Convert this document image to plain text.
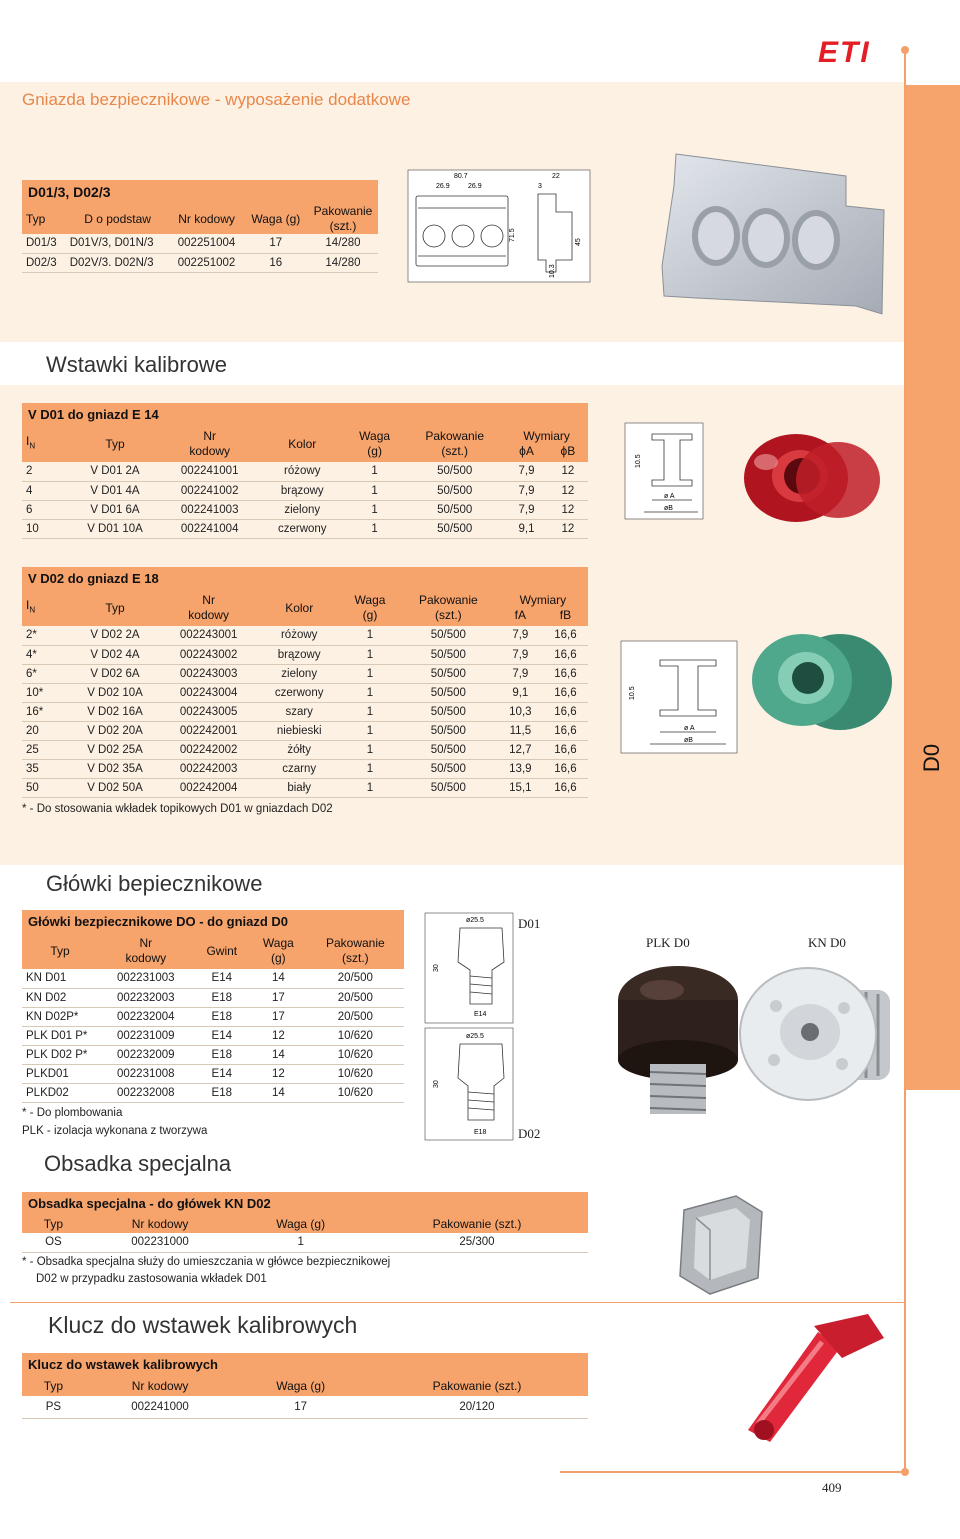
D0
ETI
Gniazda bezpiecznikowe - wyposażenie dodatkowe
D01/3, D02/3
Typ	D o podstaw	Nr kodowy	Waga (g)	Pakowanie (szt.)
D01/3	D01V/3, D01N/3	002251004	17	14/280
D02/3	D02V/3. D02N/3	002251002	16	14/280
80.7
26.9	26.9	3
22
71.5
10.3
45
Wstawki kalibrowe
V D01 do gniazd E 14
$I_N$	Typ	Nr	Kolor	Waga	Pakowanie	Wymiary	
		kodowy		(g)	(szt.)	ϕA	ϕB
2	V D01 2A	002241001	różowy	1	50/500	7,9	12
4	V D01 4A	002241002	brązowy	1	50/500	7,9	12
6	V D01 6A	002241003	zielony	1	50/500	7,9	12
10	V D01 10A	002241004	czerwony	1	50/500	9,1	12
10.5
ø A
øB
V D02 do gniazd E 18
$I_N$	Typ	Nr	Kolor	Waga	Pakowanie	Wymiary	
		kodowy		(g)	(szt.)	fA	fB
2*	V D02 2A	002243001	różowy	1	50/500	7,9	16,6
4*	V D02 4A	002243002	brązowy	1	50/500	7,9	16,6
6*	V D02 6A	002243003	zielony	1	50/500	7,9	16,6
10*	V D02 10A	002243004	czerwony	1	50/500	9,1	16,6
16*	V D02 16A	002243005	szary	1	50/500	10,3	16,6
20	V D02 20A	002242001	niebieski	1	50/500	11,5	16,6
25	V D02 25A	002242002	żółty	1	50/500	12,7	16,6
35	V D02 35A	002242003	czarny	1	50/500	13,9	16,6
50	V D02 50A	002242004	biały	1	50/500	15,1	16,6
* - Do stosowania wkładek topikowych D01 w gniazdach D02
10.5
ø A
øB
Główki bepiecznikowe
Główki bezpiecznikowe DO - do gniazd D0
Typ	Nr	Gwint	Waga	Pakowanie
	kodowy		(g)	(szt.)
KN D01	002231003	E14	14	20/500
KN D02	002232003	E18	17	20/500
KN D02P*	002232004	E18	17	20/500
PLK D01 P*	002231009	E14	12	10/620
PLK D02 P*	002232009	E18	14	10/620
PLKD01	002231008	E14	12	10/620
PLKD02	002232008	E18	14	10/620
* - Do plombowania
PLK - izolacja wykonana z tworzywa
ø25.5
30
E14
ø25.5
30
E18
D01
D02
PLK D0	KN D0
Obsadka specjalna
Obsadka specjalna - do główek KN D02
Typ	Nr kodowy	Waga (g)	Pakowanie (szt.)
OS	002231000	1	25/300
* - Obsadka specjalna służy do umieszczania w główce bezpiecznikowej
D02 w przypadku zastosowania wkładek D01
Klucz do wstawek kalibrowych
Klucz do wstawek kalibrowych
Typ	Nr kodowy	Waga (g)	Pakowanie (szt.)
PS	002241000	17	20/120
409
